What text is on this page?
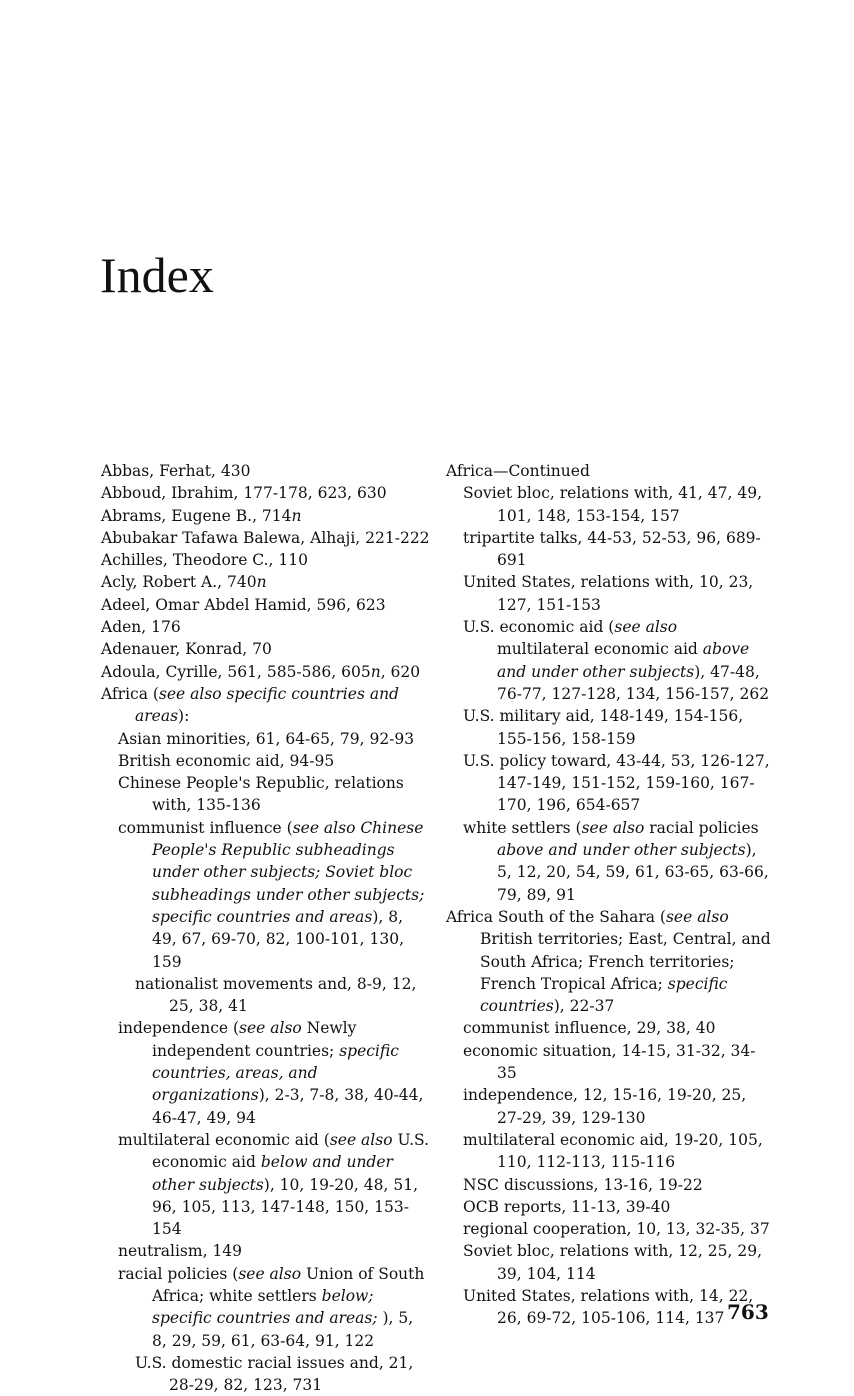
Index

Abbas, Ferhat, 430

Abboud, Ibrahim, 177-178, 623, 630

Abrams, Eugene B., 714n

Abubakar Tafawa Balewa, Alhaji, 221-222

Achilles, Theodore C., 110

Acly, Robert A., 740n

Adeel, Omar Abdel Hamid, 596, 623

Aden, 176

Adenauer, Konrad, 70

Adoula, Cyrille, 561, 585-586, 605n, 620

Africa (see also specific countries and areas):

Asian minorities, 61, 64-65, 79, 92-93

British economic aid, 94-95

Chinese People's Republic, relations with, 135-136

communist influence (see also Chinese People's Republic subheadings under other subjects; Soviet bloc subheadings under other subjects; specific countries and areas), 8, 49, 67, 69-70, 82, 100-101, 130, 159

nationalist movements and, 8-9, 12, 25, 38, 41

independence (see also Newly independent countries; specific countries, areas, and organizations), 2-3, 7-8, 38, 40-44, 46-47, 49, 94

multilateral economic aid (see also U.S. economic aid below and under other subjects), 10, 19-20, 48, 51, 96, 105, 113, 147-148, 150, 153-154

neutralism, 149

racial policies (see also Union of South Africa; white settlers below; specific countries and areas; ), 5, 8, 29, 59, 61, 63-64, 91, 122

U.S. domestic racial issues and, 21, 28-29, 82, 123, 731

Africa—Continued

Soviet bloc, relations with, 41, 47, 49, 101, 148, 153-154, 157

tripartite talks, 44-53, 52-53, 96, 689-691

United States, relations with, 10, 23, 127, 151-153

U.S. economic aid (see also multilateral economic aid above and under other subjects), 47-48, 76-77, 127-128, 134, 156-157, 262

U.S. military aid, 148-149, 154-156, 155-156, 158-159

U.S. policy toward, 43-44, 53, 126-127, 147-149, 151-152, 159-160, 167-170, 196, 654-657

white settlers (see also racial policies above and under other subjects), 5, 12, 20, 54, 59, 61, 63-65, 63-66, 79, 89, 91

Africa South of the Sahara (see also British territories; East, Central, and South Africa; French territories; French Tropical Africa; specific countries), 22-37

communist influence, 29, 38, 40

economic situation, 14-15, 31-32, 34-35

independence, 12, 15-16, 19-20, 25, 27-29, 39, 129-130

multilateral economic aid, 19-20, 105, 110, 112-113, 115-116

NSC discussions, 13-16, 19-22

OCB reports, 11-13, 39-40

regional cooperation, 10, 13, 32-35, 37

Soviet bloc, relations with, 12, 25, 29, 39, 104, 114

United States, relations with, 14, 22, 26, 69-72, 105-106, 114, 137 763
